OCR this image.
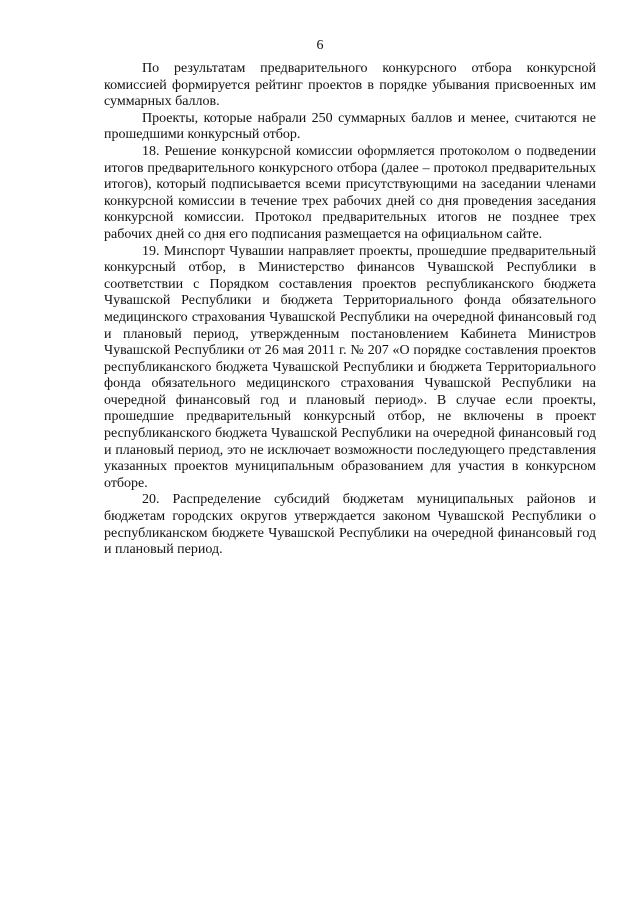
6

По результатам предварительного конкурсного отбора конкурсной комиссией формируется рейтинг проектов в порядке убывания присвоенных им суммарных баллов.

Проекты, которые набрали 250 суммарных баллов и менее, считаются не прошедшими конкурсный отбор.

18. Решение конкурсной комиссии оформляется протоколом о подведении итогов предварительного конкурсного отбора (далее – протокол предварительных итогов), который подписывается всеми присутствующими на заседании членами конкурсной комиссии в течение трех рабочих дней со дня проведения заседания конкурсной комиссии. Протокол предварительных итогов не позднее трех рабочих дней со дня его подписания размещается на официальном сайте.

19. Минспорт Чувашии направляет проекты, прошедшие предварительный конкурсный отбор, в Министерство финансов Чувашской Республики в соответствии с Порядком составления проектов республиканского бюджета Чувашской Республики и бюджета Территориального фонда обязательного медицинского страхования Чувашской Республики на очередной финансовый год и плановый период, утвержденным постановлением Кабинета Министров Чувашской Республики от 26 мая 2011 г. № 207 «О порядке составления проектов республиканского бюджета Чувашской Республики и бюджета Территориального фонда обязательного медицинского страхования Чувашской Республики на очередной финансовый год и плановый период». В случае если проекты, прошедшие предварительный конкурсный отбор, не включены в проект республиканского бюджета Чувашской Республики на очередной финансовый год и плановый период, это не исключает возможности последующего представления указанных проектов муниципальным образованием для участия в конкурсном отборе.

20. Распределение субсидий бюджетам муниципальных районов и бюджетам городских округов утверждается законом Чувашской Республики о республиканском бюджете Чувашской Республики на очередной финансовый год и плановый период.
